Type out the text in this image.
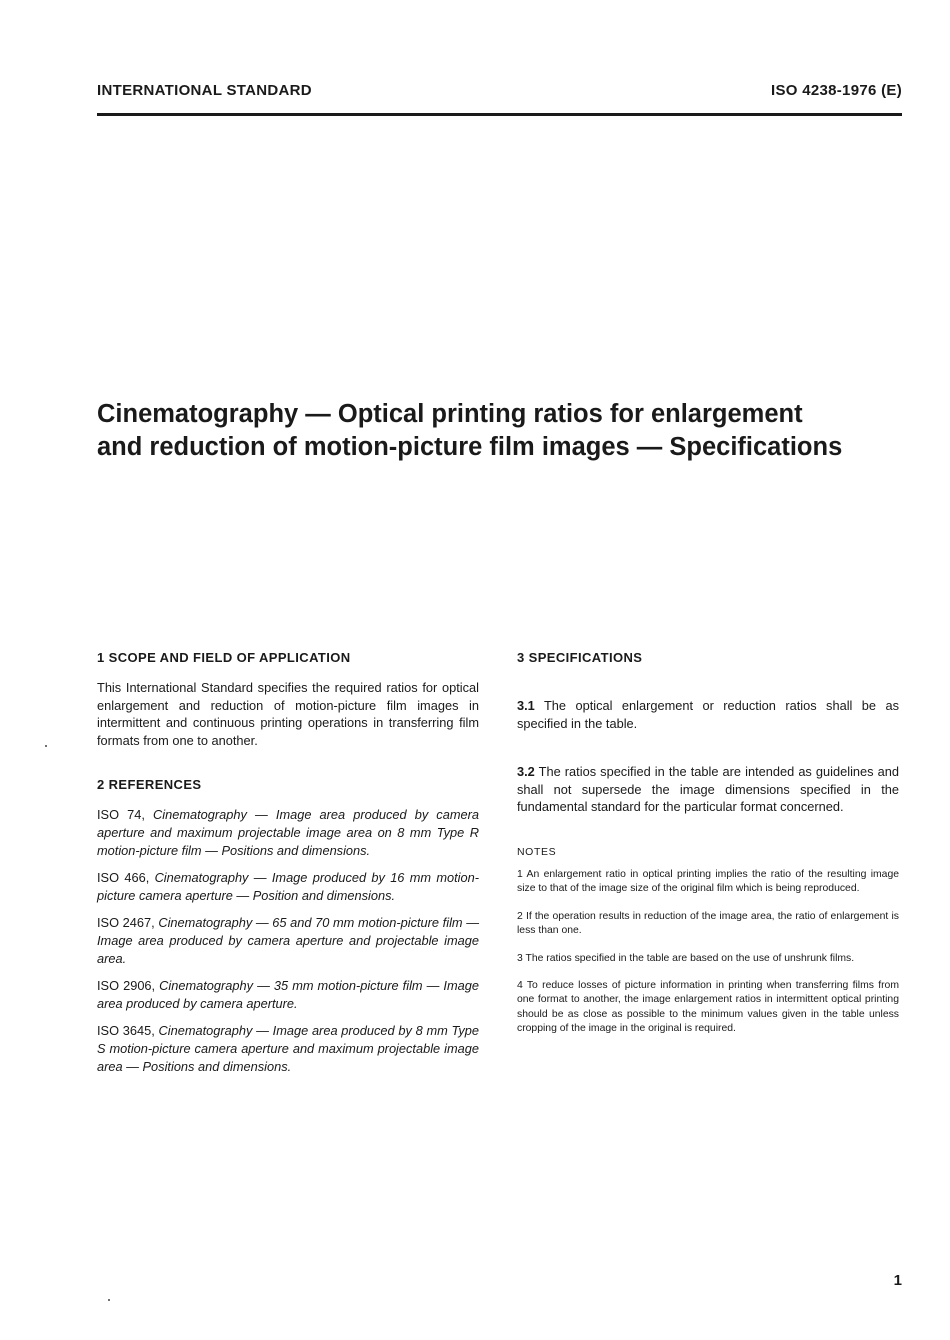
INTERNATIONAL STANDARD	ISO 4238-1976 (E)
Cinematography — Optical printing ratios for enlargement
and reduction of motion-picture film images — Specifications

1 SCOPE AND FIELD OF APPLICATION

This International Standard specifies the required ratios for optical enlargement and reduction of motion-picture film images in intermittent and continuous printing operations in transferring film formats from one to another.

2 REFERENCES

ISO 74, Cinematography — Image area produced by camera aperture and maximum projectable image area on 8 mm Type R motion-picture film — Positions and dimensions.

ISO 466, Cinematography — Image produced by 16 mm motion-picture camera aperture — Position and dimensions.

ISO 2467, Cinematography — 65 and 70 mm motion-picture film — Image area produced by camera aperture and projectable image area.

ISO 2906, Cinematography — 35 mm motion-picture film — Image area produced by camera aperture.

ISO 3645, Cinematography — Image area produced by 8 mm Type S motion-picture camera aperture and maximum projectable image area — Positions and dimensions.

3 SPECIFICATIONS

3.1 The optical enlargement or reduction ratios shall be as specified in the table.

3.2 The ratios specified in the table are intended as guidelines and shall not supersede the image dimensions specified in the fundamental standard for the particular format concerned.

NOTES

1 An enlargement ratio in optical printing implies the ratio of the resulting image size to that of the image size of the original film which is being reproduced.

2 If the operation results in reduction of the image area, the ratio of enlargement is less than one.

3 The ratios specified in the table are based on the use of unshrunk films.

4 To reduce losses of picture information in printing when transferring films from one format to another, the image enlargement ratios in intermittent optical printing should be as close as possible to the minimum values given in the table unless cropping of the image in the original is required.

1
